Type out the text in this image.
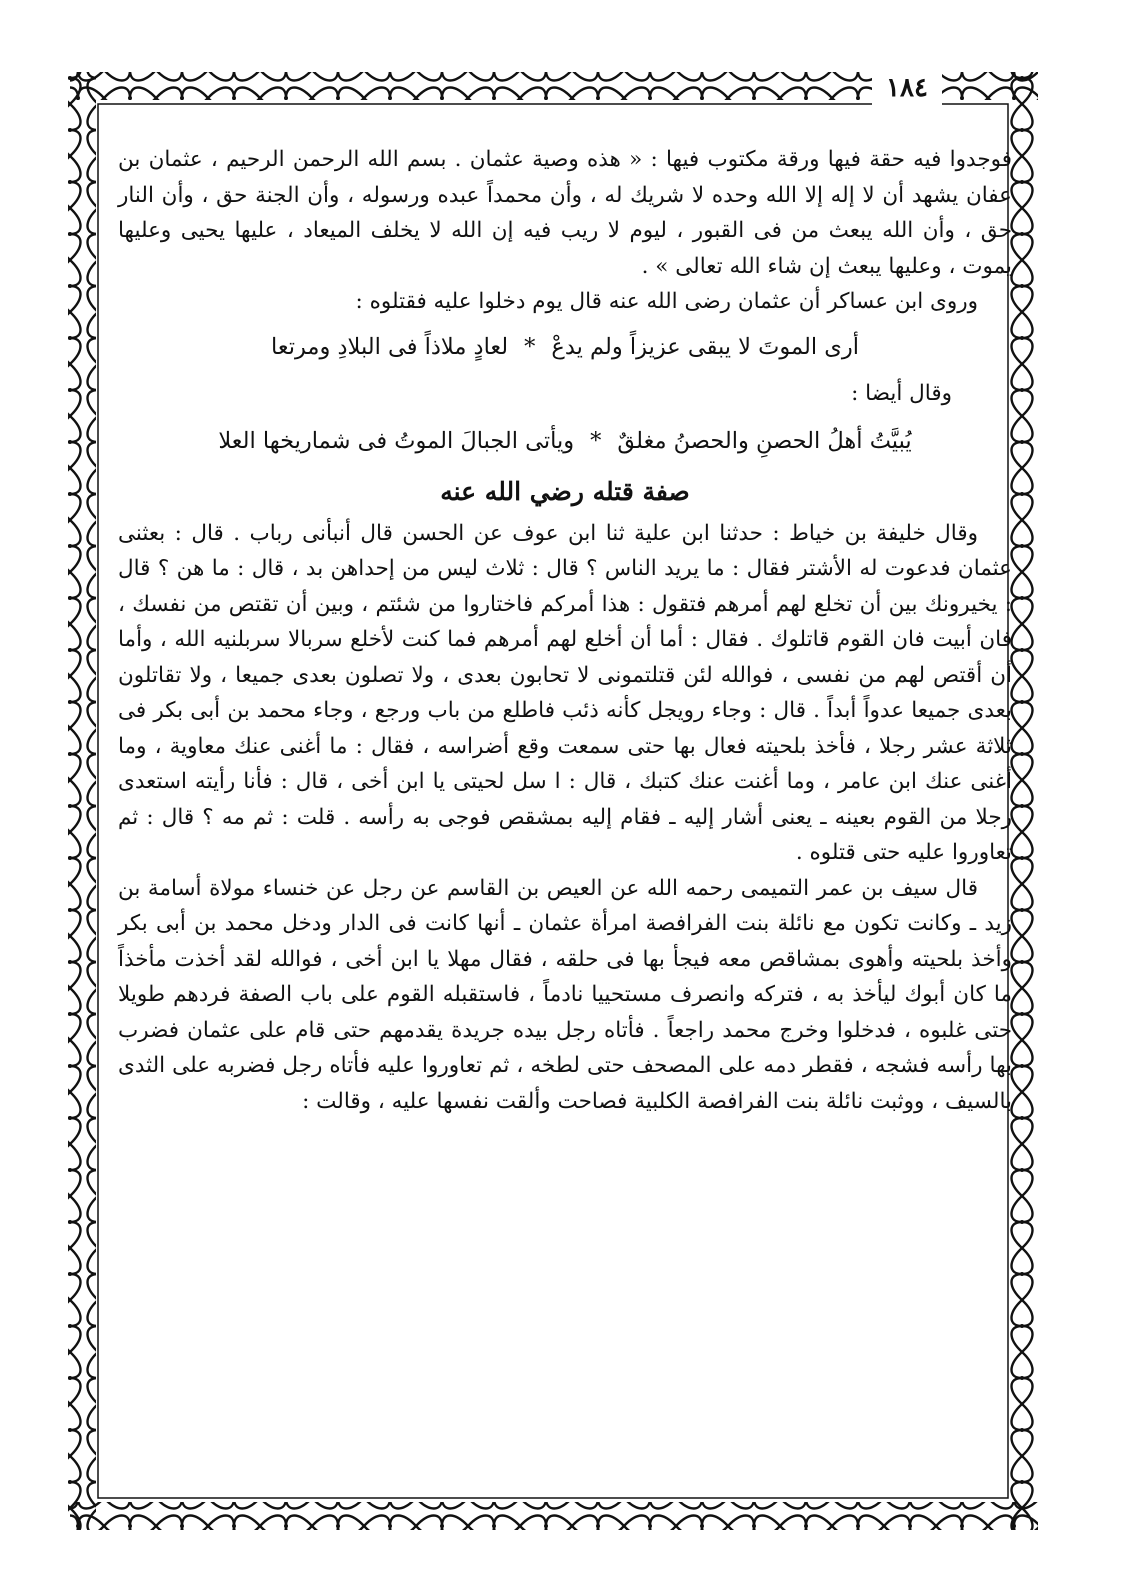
١٨٤

فوجدوا فيه حقة فيها ورقة مكتوب فيها : « هذه وصية عثمان . بسم الله الرحمن الرحيم ، عثمان بن عفان يشهد أن لا إله إلا الله وحده لا شريك له ، وأن محمداً عبده ورسوله ، وأن الجنة حق ، وأن النار حق ، وأن الله يبعث من فى القبور ، ليوم لا ريب فيه إن الله لا يخلف الميعاد ، عليها يحيى وعليها يموت ، وعليها يبعث إن شاء الله تعالى » .

وروى ابن عساكر أن عثمان رضى الله عنه قال يوم دخلوا عليه فقتلوه :

أرى الموتَ لا يبقى عزيزاً ولم يدعْ*لعادٍ ملاذاً فى البلادِ ومرتعا

وقال أيضا :

يُبيَّتُ أهلُ الحصنِ والحصنُ مغلقٌ*ويأتى الجبالَ الموتُ فى شماريخها العلا

صفة قتله رضي الله عنه

وقال خليفة بن خياط : حدثنا ابن علية ثنا ابن عوف عن الحسن قال أنبأنى رباب . قال : بعثنى عثمان فدعوت له الأشتر فقال : ما يريد الناس ؟ قال : ثلاث ليس من إحداهن بد ، قال : ما هن ؟ قال : يخيرونك بين أن تخلع لهم أمرهم فتقول : هذا أمركم فاختاروا من شئتم ، وبين أن تقتص من نفسك ، فان أبيت فان القوم قاتلوك . فقال : أما أن أخلع لهم أمرهم فما كنت لأخلع سربالا سربلنيه الله ، وأما أن أقتص لهم من نفسى ، فوالله لئن قتلتمونى لا تحابون بعدى ، ولا تصلون بعدى جميعا ، ولا تقاتلون بعدى جميعا عدواً أبداً . قال : وجاء رويجل كأنه ذئب فاطلع من باب ورجع ، وجاء محمد بن أبى بكر فى ثلاثة عشر رجلا ، فأخذ بلحيته فعال بها حتى سمعت وقع أضراسه ، فقال : ما أغنى عنك معاوية ، وما أغنى عنك ابن عامر ، وما أغنت عنك كتبك ، قال : ا سل لحيتى يا ابن أخى ، قال : فأنا رأيته استعدى رجلا من القوم بعينه ـ يعنى أشار إليه ـ فقام إليه بمشقص فوجى به رأسه . قلت : ثم مه ؟ قال : ثم تعاوروا عليه حتى قتلوه .

قال سيف بن عمر التميمى رحمه الله عن العيص بن القاسم عن رجل عن خنساء مولاة أسامة بن زيد ـ وكانت تكون مع نائلة بنت الفرافصة امرأة عثمان ـ أنها كانت فى الدار ودخل محمد بن أبى بكر وأخذ بلحيته وأهوى بمشاقص معه فيجأ بها فى حلقه ، فقال مهلا يا ابن أخى ، فوالله لقد أخذت مأخذاً ما كان أبوك ليأخذ به ، فتركه وانصرف مستحييا نادماً ، فاستقبله القوم على باب الصفة فردهم طويلا حتى غلبوه ، فدخلوا وخرج محمد راجعاً . فأتاه رجل بيده جريدة يقدمهم حتى قام على عثمان فضرب بها رأسه فشجه ، فقطر دمه على المصحف حتى لطخه ، ثم تعاوروا عليه فأتاه رجل فضربه على الثدى بالسيف ، ووثبت نائلة بنت الفرافصة الكلبية فصاحت وألقت نفسها عليه ، وقالت :
